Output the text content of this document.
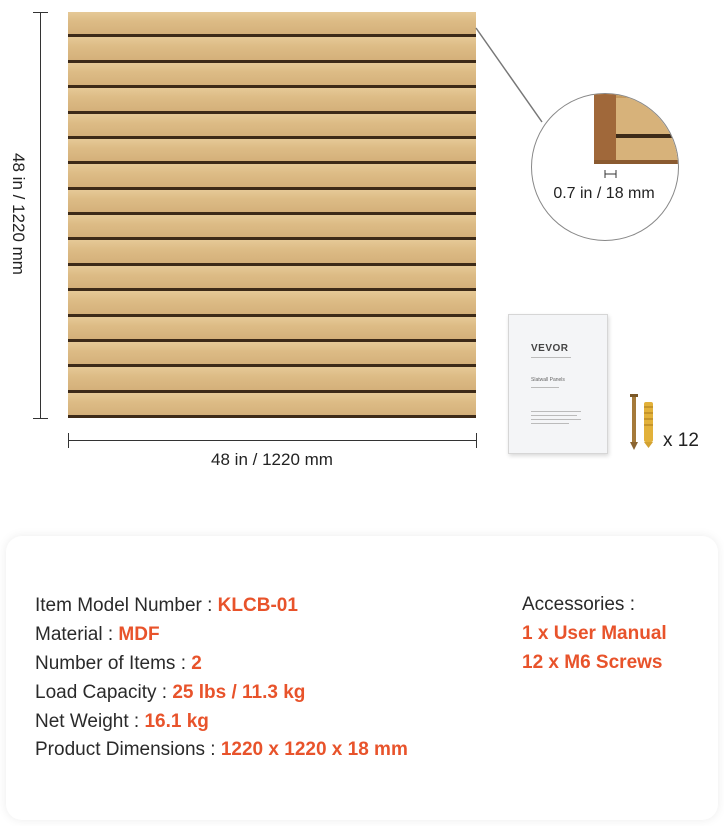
48 in / 1220 mm
48 in / 1220 mm
0.7 in / 18 mm
VEVOR
Slatwall Panels
x 12
Item Model Number : KLCB-01
Material : MDF
Number of Items : 2
Load Capacity : 25 lbs / 11.3 kg
Net Weight : 16.1 kg
Product Dimensions : 1220 x 1220 x 18 mm
Accessories :
1 x User Manual
12 x M6 Screws
